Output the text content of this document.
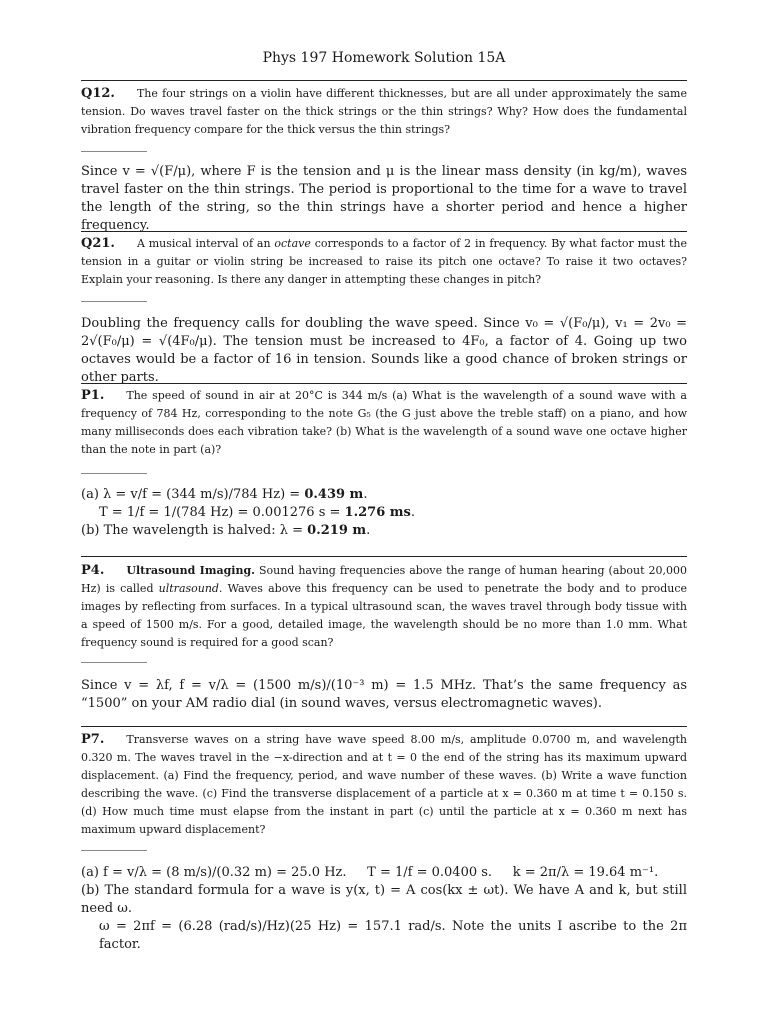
Phys 197 Homework Solution 15A
Q12. The four strings on a violin have different thicknesses, but are all under approximately the same tension. Do waves travel faster on the thick strings or the thin strings? Why? How does the fundamental vibration frequency compare for the thick versus the thin strings?
Since v = √(F/μ), where F is the tension and μ is the linear mass density (in kg/m), waves travel faster on the thin strings. The period is proportional to the time for a wave to travel the length of the string, so the thin strings have a shorter period and hence a higher frequency.
Q21. A musical interval of an octave corresponds to a factor of 2 in frequency. By what factor must the tension in a guitar or violin string be increased to raise its pitch one octave? To raise it two octaves? Explain your reasoning. Is there any danger in attempting these changes in pitch?
Doubling the frequency calls for doubling the wave speed. Since v₀ = √(F₀/μ), v₁ = 2v₀ = 2√(F₀/μ) = √(4F₀/μ). The tension must be increased to 4F₀, a factor of 4. Going up two octaves would be a factor of 16 in tension. Sounds like a good chance of broken strings or other parts.
P1. The speed of sound in air at 20°C is 344 m/s (a) What is the wavelength of a sound wave with a frequency of 784 Hz, corresponding to the note G₅ (the G just above the treble staff) on a piano, and how many milliseconds does each vibration take? (b) What is the wavelength of a sound wave one octave higher than the note in part (a)?
(a) λ = v/f = (344 m/s)/784 Hz) = 0.439 m.
T = 1/f = 1/(784 Hz) = 0.001276 s = 1.276 ms.
(b) The wavelength is halved: λ = 0.219 m.
P4. Ultrasound Imaging. Sound having frequencies above the range of human hearing (about 20,000 Hz) is called ultrasound. Waves above this frequency can be used to penetrate the body and to produce images by reflecting from surfaces. In a typical ultrasound scan, the waves travel through body tissue with a speed of 1500 m/s. For a good, detailed image, the wavelength should be no more than 1.0 mm. What frequency sound is required for a good scan?
Since v = λf, f = v/λ = (1500 m/s)/(10⁻³ m) = 1.5 MHz. That’s the same frequency as “1500” on your AM radio dial (in sound waves, versus electromagnetic waves).
P7. Transverse waves on a string have wave speed 8.00 m/s, amplitude 0.0700 m, and wavelength 0.320 m. The waves travel in the −x-direction and at t = 0 the end of the string has its maximum upward displacement. (a) Find the frequency, period, and wave number of these waves. (b) Write a wave function describing the wave. (c) Find the transverse displacement of a particle at x = 0.360 m at time t = 0.150 s. (d) How much time must elapse from the instant in part (c) until the particle at x = 0.360 m next has maximum upward displacement?
(a) f = v/λ = (8 m/s)/(0.32 m) = 25.0 Hz.     T = 1/f = 0.0400 s.     k = 2π/λ = 19.64 m⁻¹.
(b) The standard formula for a wave is y(x, t) = A cos(kx ± ωt). We have A and k, but still need ω.
ω = 2πf = (6.28 (rad/s)/Hz)(25 Hz) = 157.1 rad/s. Note the units I ascribe to the 2π factor.
